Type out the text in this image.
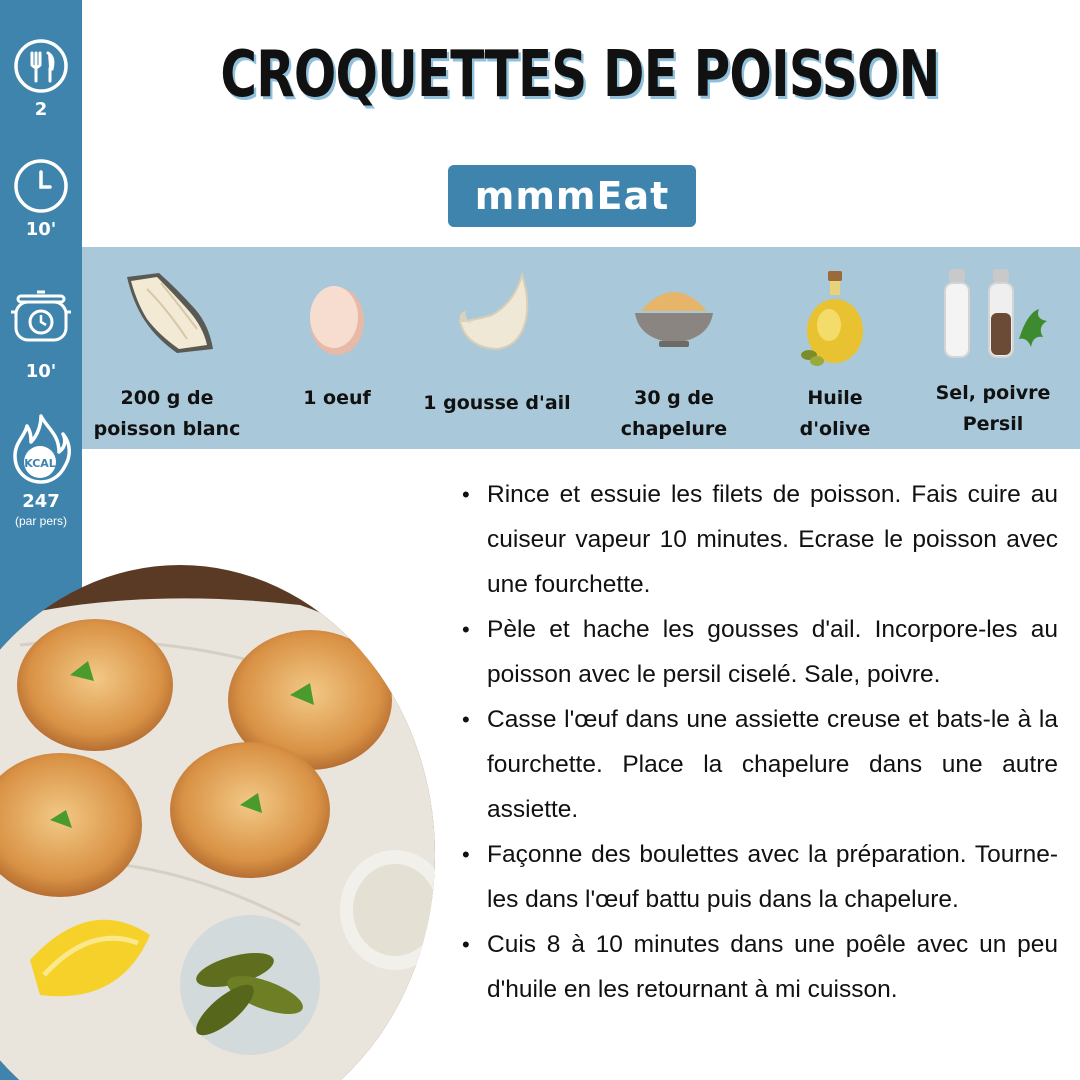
2
10'
10'
KCAL
247
(par pers)
CROQUETTES DE POISSON
mmmEat
200 g de
poisson blanc
1 oeuf	1 gousse d'ail	30 g de
chapelure
Huile
d'olive
Sel, poivre
Persil
• Rince et essuie les filets de poisson. Fais cuire au cuiseur vapeur 10 minutes. Ecrase le poisson avec une fourchette.
• Pèle et hache les gousses d'ail. Incorpore-les au poisson avec le persil ciselé. Sale, poivre.
• Casse l'œuf dans une assiette creuse et bats-le à la fourchette. Place la chapelure dans une autre assiette.
• Façonne des boulettes avec la préparation. Tourne-les dans l'œuf battu puis dans la chapelure.
• Cuis 8 à 10 minutes dans une poêle avec un peu d'huile en les retournant à mi cuisson.
